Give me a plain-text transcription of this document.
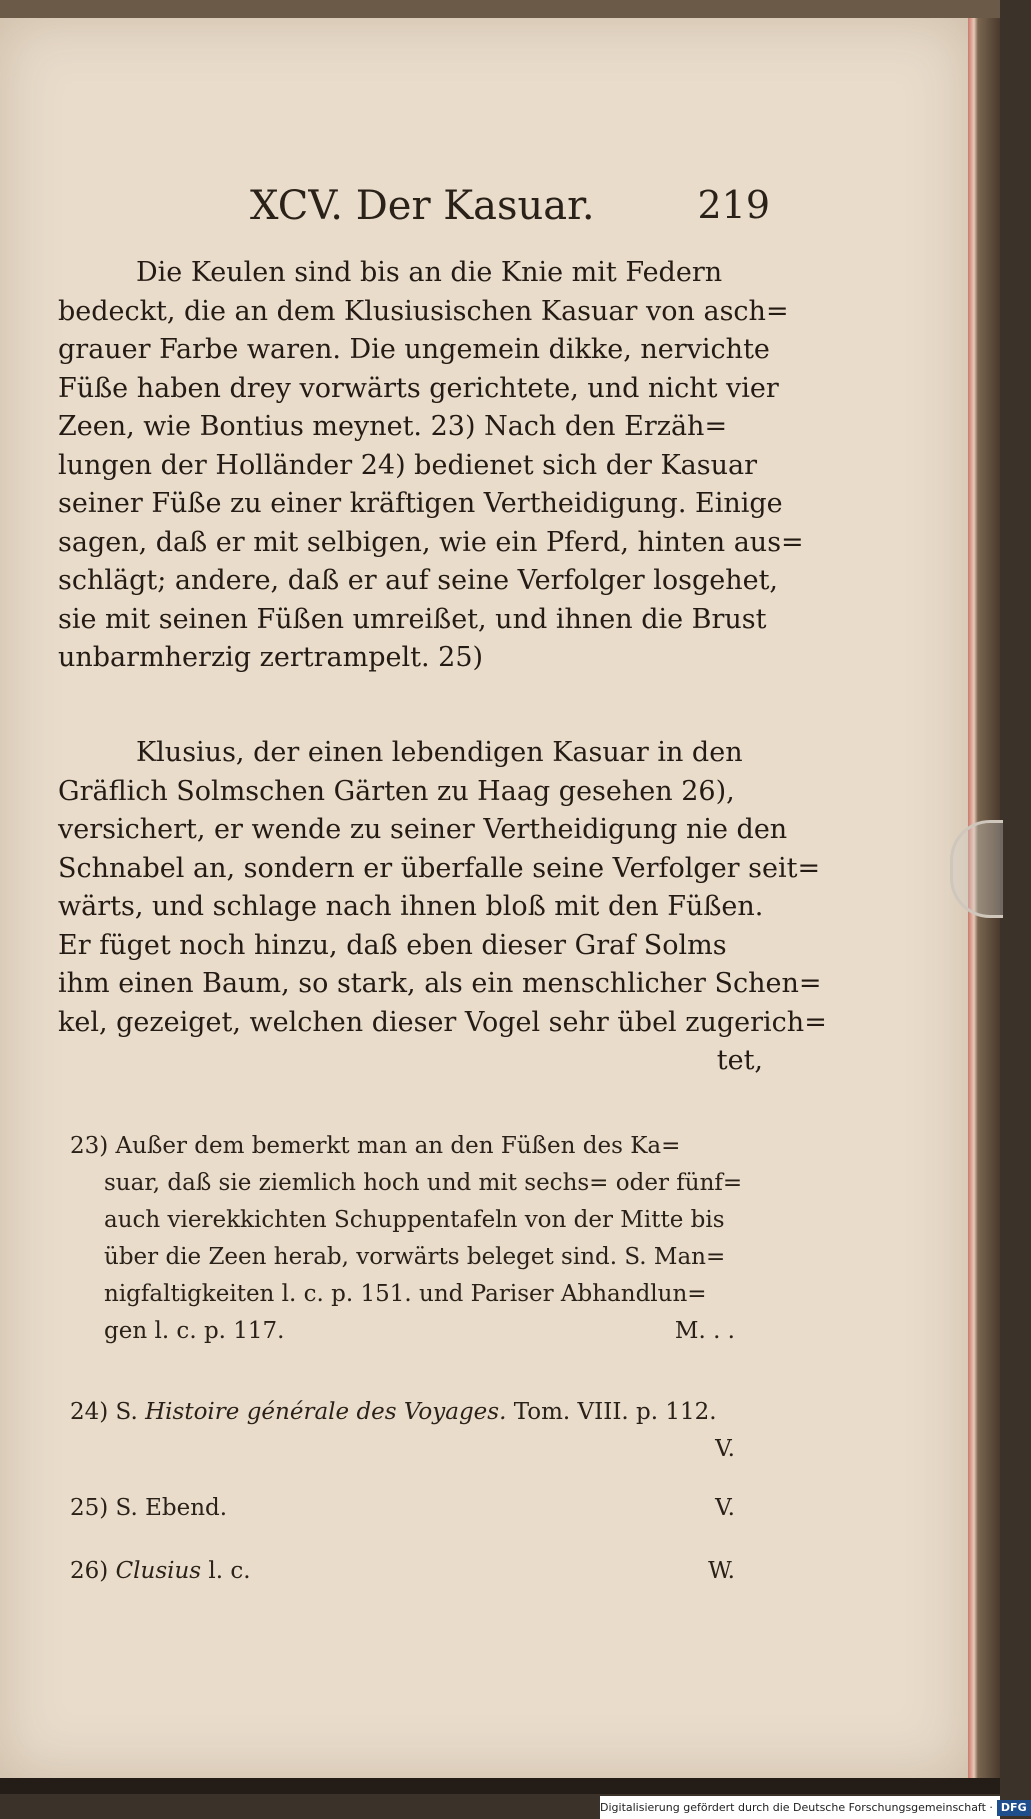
XCV. Der Kasuar.	219
Die Keulen sind bis an die Knie mit Federn
bedeckt, die an dem Klusiusischen Kasuar von asch=
grauer Farbe waren. Die ungemein dikke, nervichte
Füße haben drey vorwärts gerichtete, und nicht vier
Zeen, wie Bontius meynet. 23) Nach den Erzäh=
lungen der Holländer 24) bedienet sich der Kasuar
seiner Füße zu einer kräftigen Vertheidigung. Einige
sagen, daß er mit selbigen, wie ein Pferd, hinten aus=
schlägt; andere, daß er auf seine Verfolger losgehet,
sie mit seinen Füßen umreißet, und ihnen die Brust
unbarmherzig zertrampelt. 25)
Klusius, der einen lebendigen Kasuar in den
Gräflich Solmschen Gärten zu Haag gesehen 26),
versichert, er wende zu seiner Vertheidigung nie den
Schnabel an, sondern er überfalle seine Verfolger seit=
wärts, und schlage nach ihnen bloß mit den Füßen.
Er füget noch hinzu, daß eben dieser Graf Solms
ihm einen Baum, so stark, als ein menschlicher Schen=
kel, gezeiget, welchen dieser Vogel sehr übel zugerich=
tet,
23) Außer dem bemerkt man an den Füßen des Ka=
suar, daß sie ziemlich hoch und mit sechs= oder fünf=
auch vierekkichten Schuppentafeln von der Mitte bis
über die Zeen herab, vorwärts beleget sind. S. Man=
nigfaltigkeiten l. c. p. 151. und Pariser Abhandlun=
gen l. c. p. 117.	M. . .
24) S. Histoire générale des Voyages. Tom. VIII. p. 112.
V.
25) S. Ebend.	V.
26) Clusius l. c.	W.
Digitalisierung gefördert durch die Deutsche Forschungsgemeinschaft · DFG
